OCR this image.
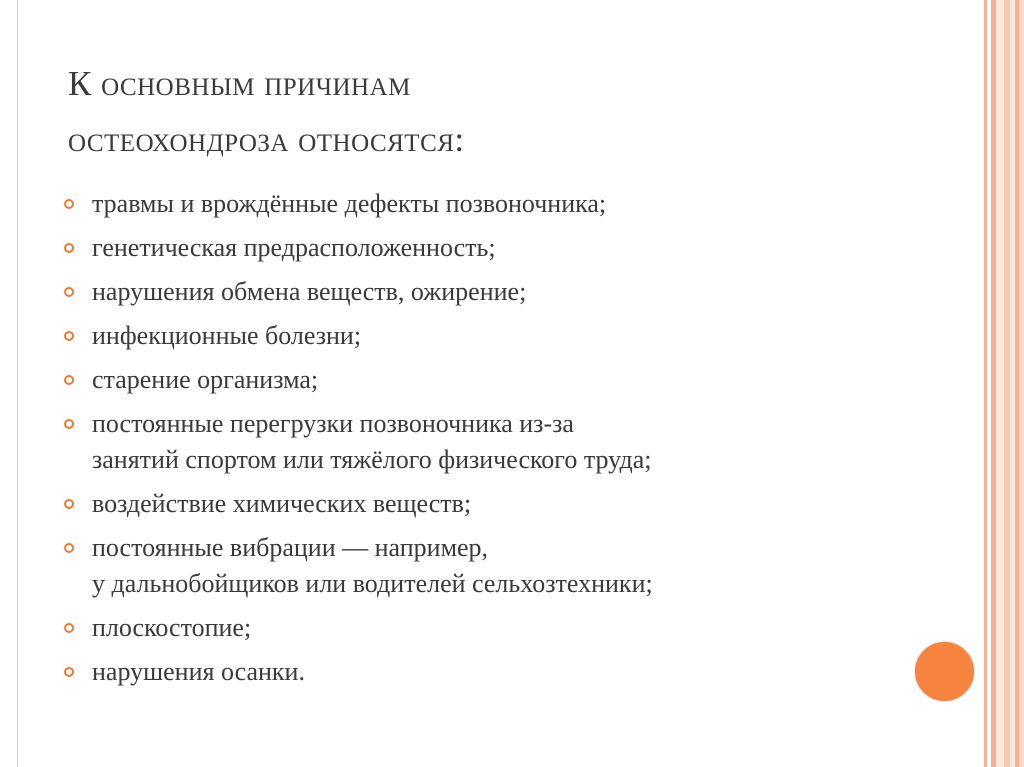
К основным причинам
остеохондроза относятся:
травмы и врождённые дефекты позвоночника;
генетическая предрасположенность;
нарушения обмена веществ, ожирение;
инфекционные болезни;
старение организма;
постоянные перегрузки позвоночника из-за
занятий спортом или тяжёлого физического труда;
воздействие химических веществ;
постоянные вибрации — например,
у дальнобойщиков или водителей сельхозтехники;
плоскостопие;
нарушения осанки.
